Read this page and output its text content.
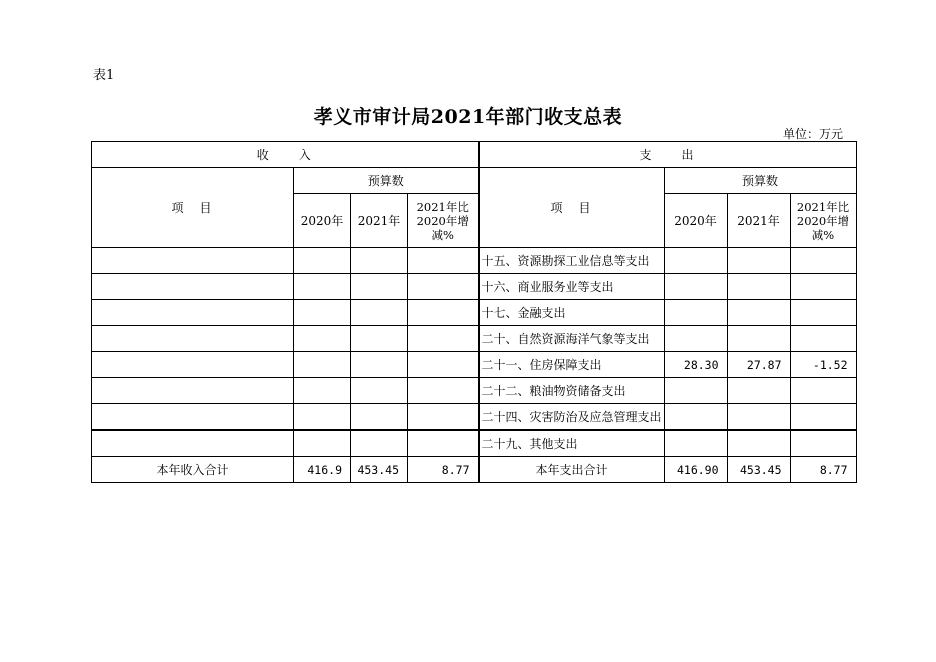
表1
孝义市审计局2021年部门收支总表
单位：万元
收　　入				支　　出			
项　目	预算数			项　目	预算数		
	2020年	2021年	2021年比2020年增减%		2020年	2021年	2021年比2020年增减%
				十五、资源勘探工业信息等支出			
				十六、商业服务业等支出			
				十七、金融支出			
				二十、自然资源海洋气象等支出			
				二十一、住房保障支出	28.30	27.87	-1.52
				二十二、粮油物资储备支出			
				二十四、灾害防治及应急管理支出			
				二十九、其他支出			
本年收入合计	416.9	453.45	8.77	本年支出合计	416.90	453.45	8.77
